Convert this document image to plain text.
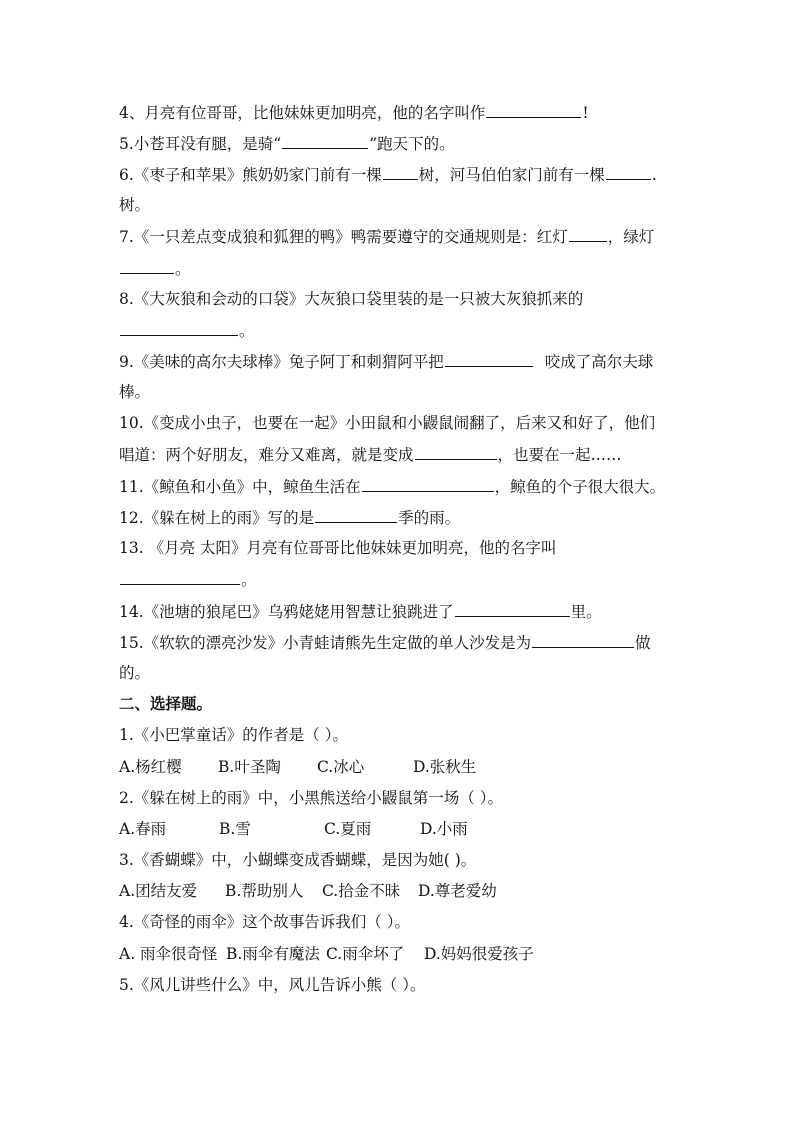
4、月亮有位哥哥，比他妹妹更加明亮，他的名字叫作	!

5.小苍耳没有腿，是骑“	”跑天下的。

6.《枣子和苹果》熊奶奶家门前有一棵 树，河马伯伯家门前有一棵	.

树。

7.《一只差点变成狼和狐狸的鸭》鸭需要遵守的交通规则是：红灯	，绿灯

。

8.《大灰狼和会动的口袋》大灰狼口袋里装的是一只被大灰狼抓来的

。

9.《美味的高尔夫球棒》兔子阿丁和刺猬阿平把	咬成了高尔夫球

棒。

10.《变成小虫子，也要在一起》小田鼠和小鼹鼠闹翻了，后来又和好了，他们

唱道：两个好朋友，难分又难离，就是变成	，也要在一起……

11.《鲸鱼和小鱼》中，鲸鱼生活在	，鲸鱼的个子很大很大。

12.《躲在树上的雨》写的是	季的雨。

13. 《月亮 太阳》月亮有位哥哥比他妹妹更加明亮，他的名字叫

。

14.《池塘的狼尾巴》乌鸦姥姥用智慧让狼跳进了	里。

15.《软软的漂亮沙发》小青蛙请熊先生定做的单人沙发是为	做

的。

二、选择题。

1.《小巴掌童话》的作者是（ ）。

A.杨红樱 B.叶圣陶 C.冰心	D.张秋生

2.《躲在树上的雨》中，小黑熊送给小鼹鼠第一场（ ）。

A.春雨	B.雪	C.夏雨	D.小雨

3.《香蝴蝶》中，小蝴蝶变成香蝴蝶，是因为她( )。

A.团结友爱 B.帮助别人 C.拾金不昧 D.尊老爱幼

4.《奇怪的雨伞》这个故事告诉我们（ ）。

A. 雨伞很奇怪 B.雨伞有魔法 C.雨伞坏了 D.妈妈很爱孩子

5.《风儿讲些什么》中，风儿告诉小熊（ ）。
